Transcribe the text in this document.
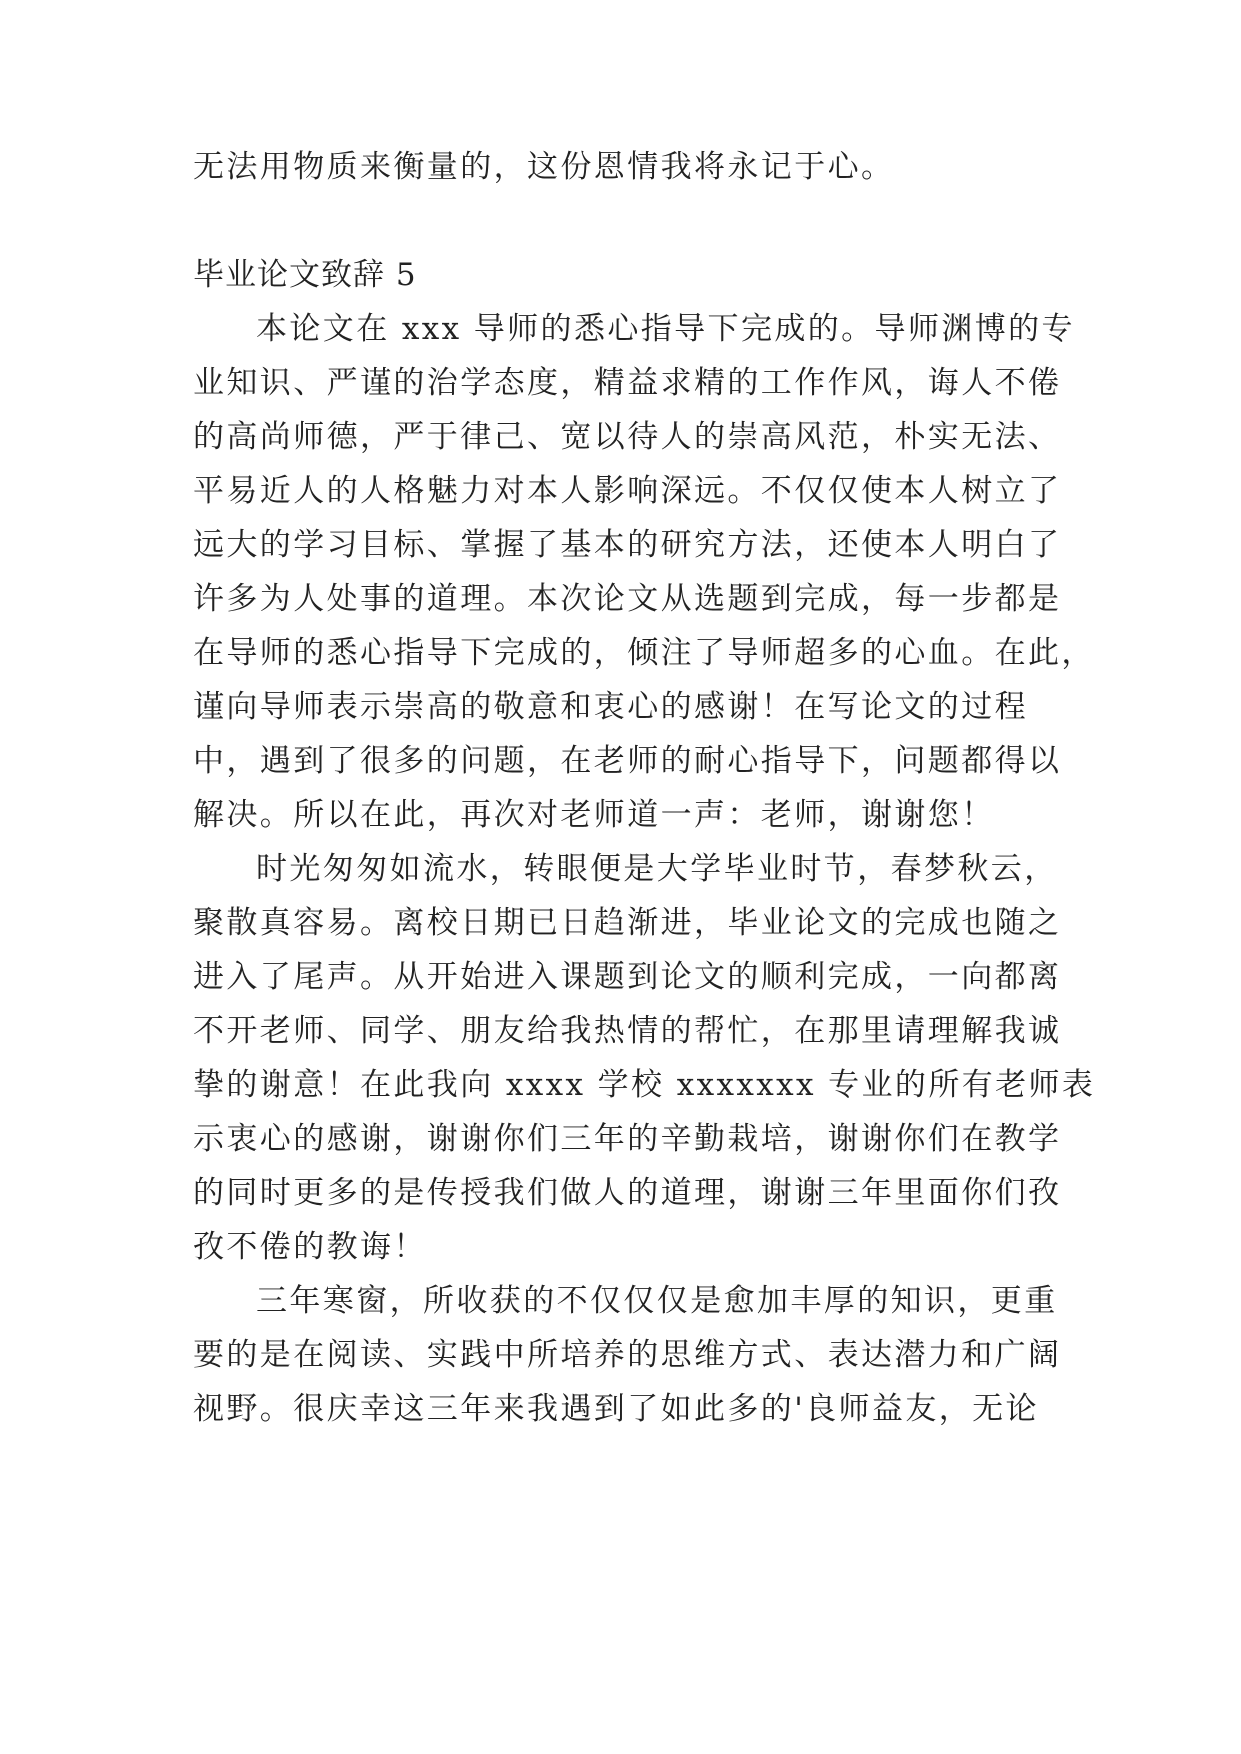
无法用物质来衡量的，这份恩情我将永记于心。

毕业论文致辞 5

本论文在 xxx 导师的悉心指导下完成的。导师渊博的专

业知识、严谨的治学态度，精益求精的工作作风，诲人不倦

的高尚师德，严于律己、宽以待人的崇高风范，朴实无法、

平易近人的人格魅力对本人影响深远。不仅仅使本人树立了

远大的学习目标、掌握了基本的研究方法，还使本人明白了

许多为人处事的道理。本次论文从选题到完成，每一步都是

在导师的悉心指导下完成的，倾注了导师超多的心血。在此，

谨向导师表示崇高的敬意和衷心的感谢！在写论文的过程

中，遇到了很多的问题，在老师的耐心指导下，问题都得以

解决。所以在此，再次对老师道一声：老师，谢谢您！

时光匆匆如流水，转眼便是大学毕业时节，春梦秋云，

聚散真容易。离校日期已日趋渐进，毕业论文的完成也随之

进入了尾声。从开始进入课题到论文的顺利完成，一向都离

不开老师、同学、朋友给我热情的帮忙，在那里请理解我诚

挚的谢意！在此我向 xxxx 学校 xxxxxxx 专业的所有老师表

示衷心的感谢，谢谢你们三年的辛勤栽培，谢谢你们在教学

的同时更多的是传授我们做人的道理，谢谢三年里面你们孜

孜不倦的教诲！

三年寒窗，所收获的不仅仅仅是愈加丰厚的知识，更重

要的是在阅读、实践中所培养的思维方式、表达潜力和广阔

视野。很庆幸这三年来我遇到了如此多的'良师益友，无论
